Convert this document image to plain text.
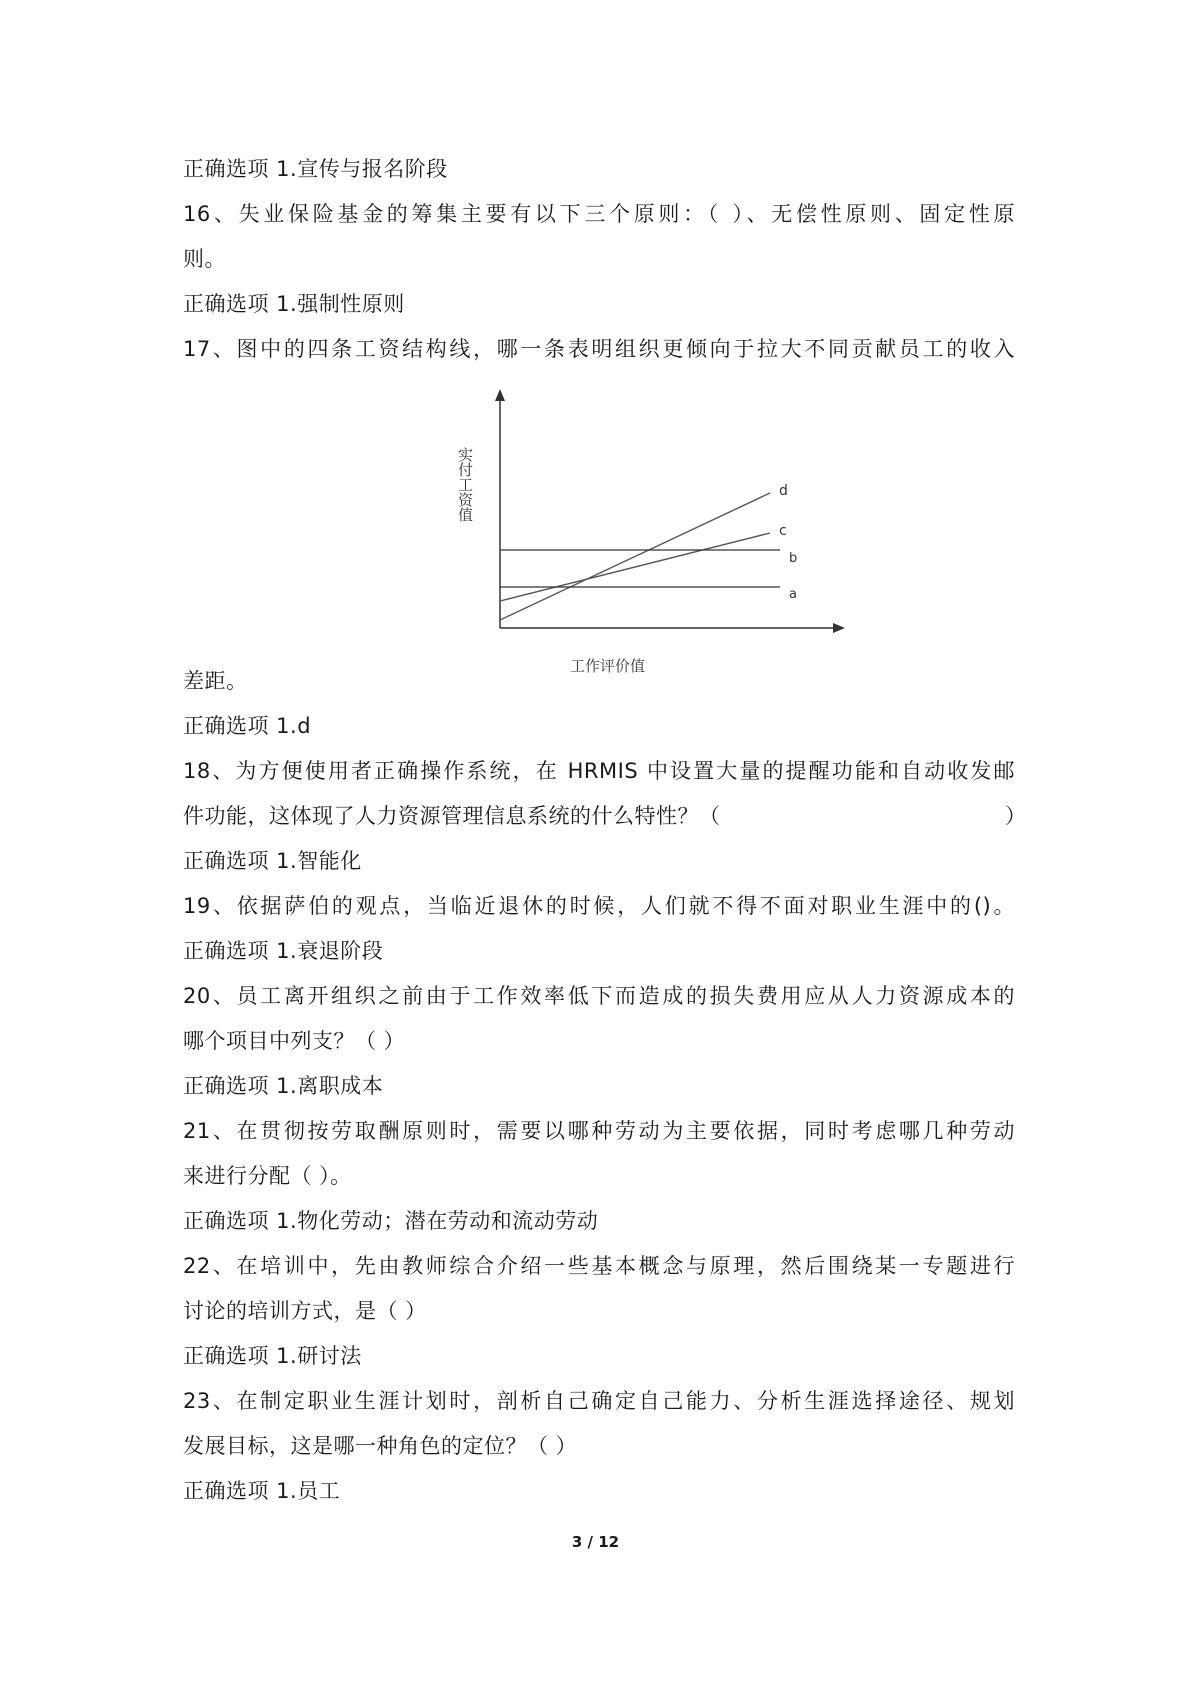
正确选项 1.宣传与报名阶段
16、失业保险基金的筹集主要有以下三个原则：（ ）、无偿性原则、固定性原
则。
正确选项 1.强制性原则
17、图中的四条工资结构线，哪一条表明组织更倾向于拉大不同贡献员工的收入
d
c
b
a
实付工资值
工作评价值
差距。
正确选项 1.d
18、为方便使用者正确操作系统，在 HRMIS 中设置大量的提醒功能和自动收发邮
件功能，这体现了人力资源管理信息系统的什么特性？（	）
正确选项 1.智能化
19、依据萨伯的观点，当临近退休的时候，人们就不得不面对职业生涯中的()。
正确选项 1.衰退阶段
20、员工离开组织之前由于工作效率低下而造成的损失费用应从人力资源成本的
哪个项目中列支？（ ）
正确选项 1.离职成本
21、在贯彻按劳取酬原则时，需要以哪种劳动为主要依据，同时考虑哪几种劳动
来进行分配（ ）。
正确选项 1.物化劳动；潜在劳动和流动劳动
22、在培训中，先由教师综合介绍一些基本概念与原理，然后围绕某一专题进行
讨论的培训方式，是（ ）
正确选项 1.研讨法
23、在制定职业生涯计划时，剖析自己确定自己能力、分析生涯选择途径、规划
发展目标，这是哪一种角色的定位？（ ）
正确选项 1.员工
3 / 12
